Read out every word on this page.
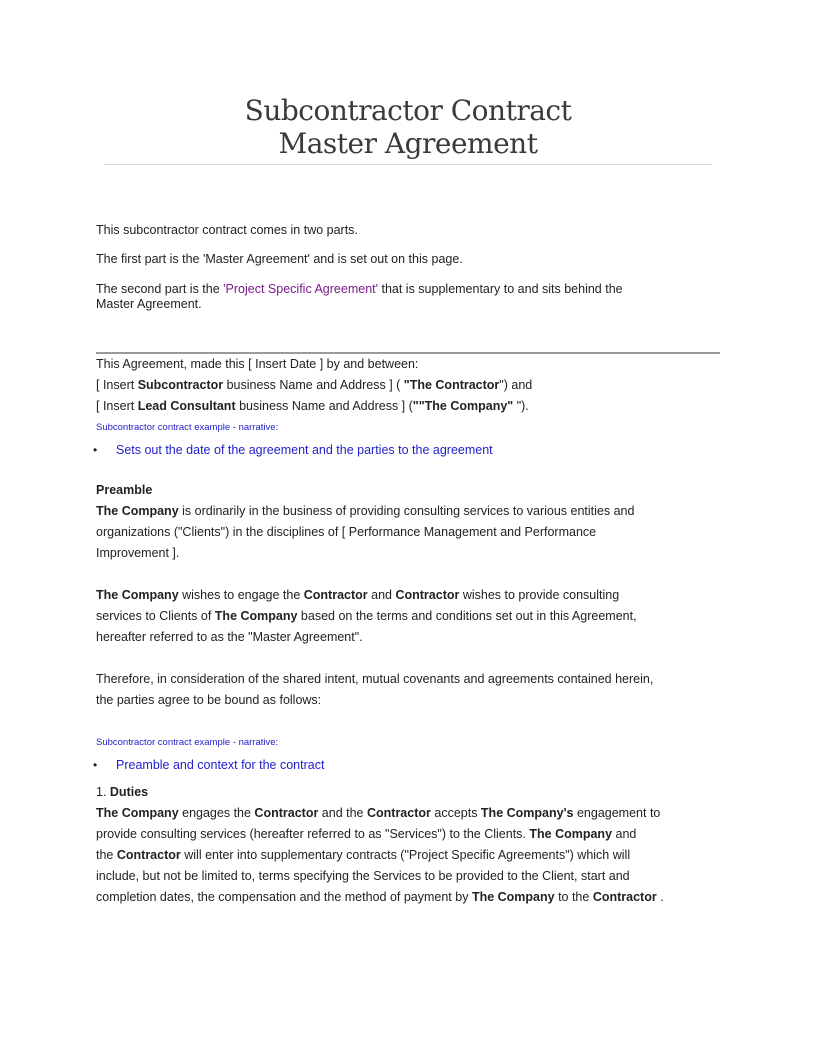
Subcontractor Contract
Master Agreement

This subcontractor contract comes in two parts.

The first part is the 'Master Agreement' and is set out on this page.

The second part is the 'Project Specific Agreement' that is supplementary to and sits behind the
Master Agreement.

This Agreement, made this [ Insert Date ] by and between:
[ Insert Subcontractor business Name and Address ] ( "The Contractor") and
[ Insert Lead Consultant business Name and Address ] (""The Company" ").
Subcontractor contract example - narrative:
• Sets out the date of the agreement and the parties to the agreement
Preamble
The Company is ordinarily in the business of providing consulting services to various entities and
organizations ("Clients") in the disciplines of [ Performance Management and Performance
Improvement ].
The Company wishes to engage the Contractor and Contractor wishes to provide consulting
services to Clients of The Company based on the terms and conditions set out in this Agreement,
hereafter referred to as the "Master Agreement".
Therefore, in consideration of the shared intent, mutual covenants and agreements contained herein,
the parties agree to be bound as follows:
Subcontractor contract example - narrative:
• Preamble and context for the contract
1. Duties
The Company engages the Contractor and the Contractor accepts The Company's engagement to
provide consulting services (hereafter referred to as "Services") to the Clients. The Company and
the Contractor will enter into supplementary contracts ("Project Specific Agreements") which will
include, but not be limited to, terms specifying the Services to be provided to the Client, start and
completion dates, the compensation and the method of payment by The Company to the Contractor .
